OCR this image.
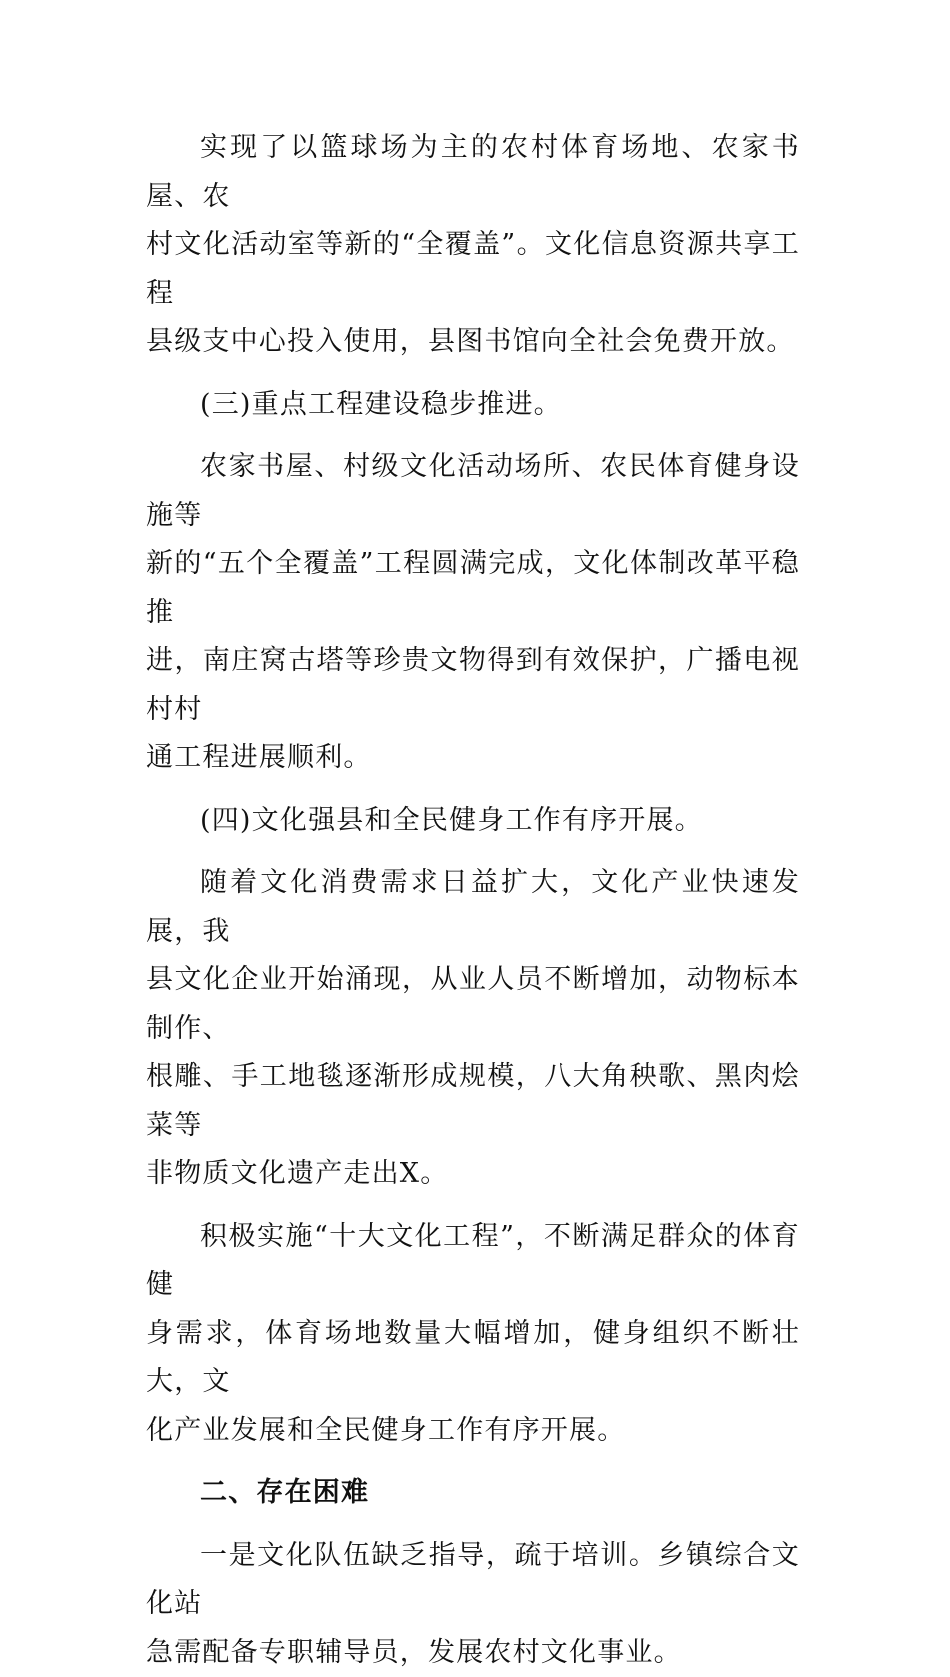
实现了以篮球场为主的农村体育场地、农家书屋、农
村文化活动室等新的“全覆盖”。文化信息资源共享工程
县级支中心投入使用，县图书馆向全社会免费开放。

(三)重点工程建设稳步推进。

农家书屋、村级文化活动场所、农民体育健身设施等
新的“五个全覆盖”工程圆满完成，文化体制改革平稳推
进，南庄窝古塔等珍贵文物得到有效保护，广播电视村村
通工程进展顺利。

(四)文化强县和全民健身工作有序开展。

随着文化消费需求日益扩大，文化产业快速发展，我
县文化企业开始涌现，从业人员不断增加，动物标本制作、
根雕、手工地毯逐渐形成规模，八大角秧歌、黑肉烩菜等
非物质文化遗产走出X。

积极实施“十大文化工程”，不断满足群众的体育健
身需求，体育场地数量大幅增加，健身组织不断壮大，文
化产业发展和全民健身工作有序开展。

二、存在困难

一是文化队伍缺乏指导，疏于培训。乡镇综合文化站
急需配备专职辅导员，发展农村文化事业。
